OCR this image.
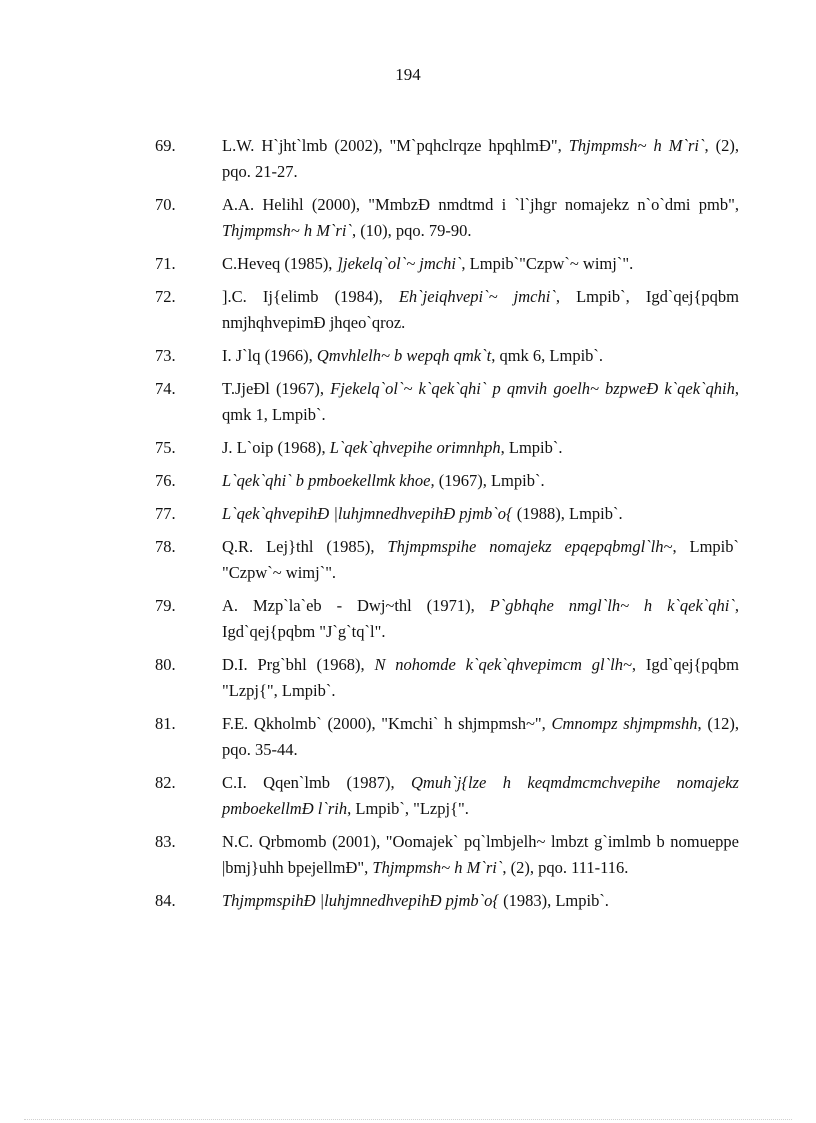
194
69.	L.W. H`jht`lmb (2002), "M`pqhclrqze hpqhlmĐ", Thjmpmsh~ h M`ri`, (2), pqo. 21-27.
70.	A.A. Helihl (2000), "MmbzĐ nmdtmd i `l`jhgr nomajekz n`o`dmi pmb", Thjmpmsh~ h M`ri`, (10), pqo. 79-90.
71.	C.Heveq (1985), ]jekelq`ol`~ jmchi`, Lmpib`"Czpw`~ wimj`".
72.	].C. Ij{elimb (1984), Eh`jeiqhvepi`~ jmchi`, Lmpib`, Igd`qej{pqbm nmjhqhvepimĐ jhqeo`qroz.
73.	I. J`lq (1966), Qmvhlelh~ b wepqh qmk`t, qmk 6, Lmpib`.
74.	T.JjeĐl (1967), Fjekelq`ol`~ k`qek`qhi` p qmvih goelh~ bzpweĐ k`qek`qhih, qmk 1, Lmpib`.
75.	J. L`oip (1968), L`qek`qhvepihe orimnhph, Lmpib`.
76.	L`qek`qhi` b pmboekellmk khoe, (1967), Lmpib`.
77.	L`qek`qhvepihĐ |luhjmnedhvepihĐ pjmb`o{ (1988), Lmpib`.
78.	Q.R. Lej}thl (1985), Thjmpmspihe nomajekz epqepqbmgl`lh~, Lmpib` "Czpw`~ wimj`".
79.	A. Mzp`la`eb - Dwj~thl (1971), P`gbhqhe nmgl`lh~ h k`qek`qhi`, Igd`qej{pqbm "J`g`tq`l".
80.	D.I. Prg`bhl (1968), N nohomde k`qek`qhvepimcm gl`lh~, Igd`qej{pqbm "Lzpj{", Lmpib`.
81.	F.E. Qkholmb` (2000), "Kmchi` h shjmpmsh~", Cmnompz shjmpmshh, (12), pqo. 35-44.
82.	C.I. Qqen`lmb (1987), Qmuh`j{lze h keqmdmcmchvepihe nomajekz pmboekellmĐ l`rih, Lmpib`, "Lzpj{".
83.	N.C. Qrbmomb (2001), "Oomajek` pq`lmbjelh~ lmbzt g`imlmb b nomueppe |bmj}uhh bpejellmĐ", Thjmpmsh~ h M`ri`, (2), pqo. 111-116.
84.	ThjmpmspihĐ |luhjmnedhvepihĐ pjmb`o{ (1983), Lmpib`.
